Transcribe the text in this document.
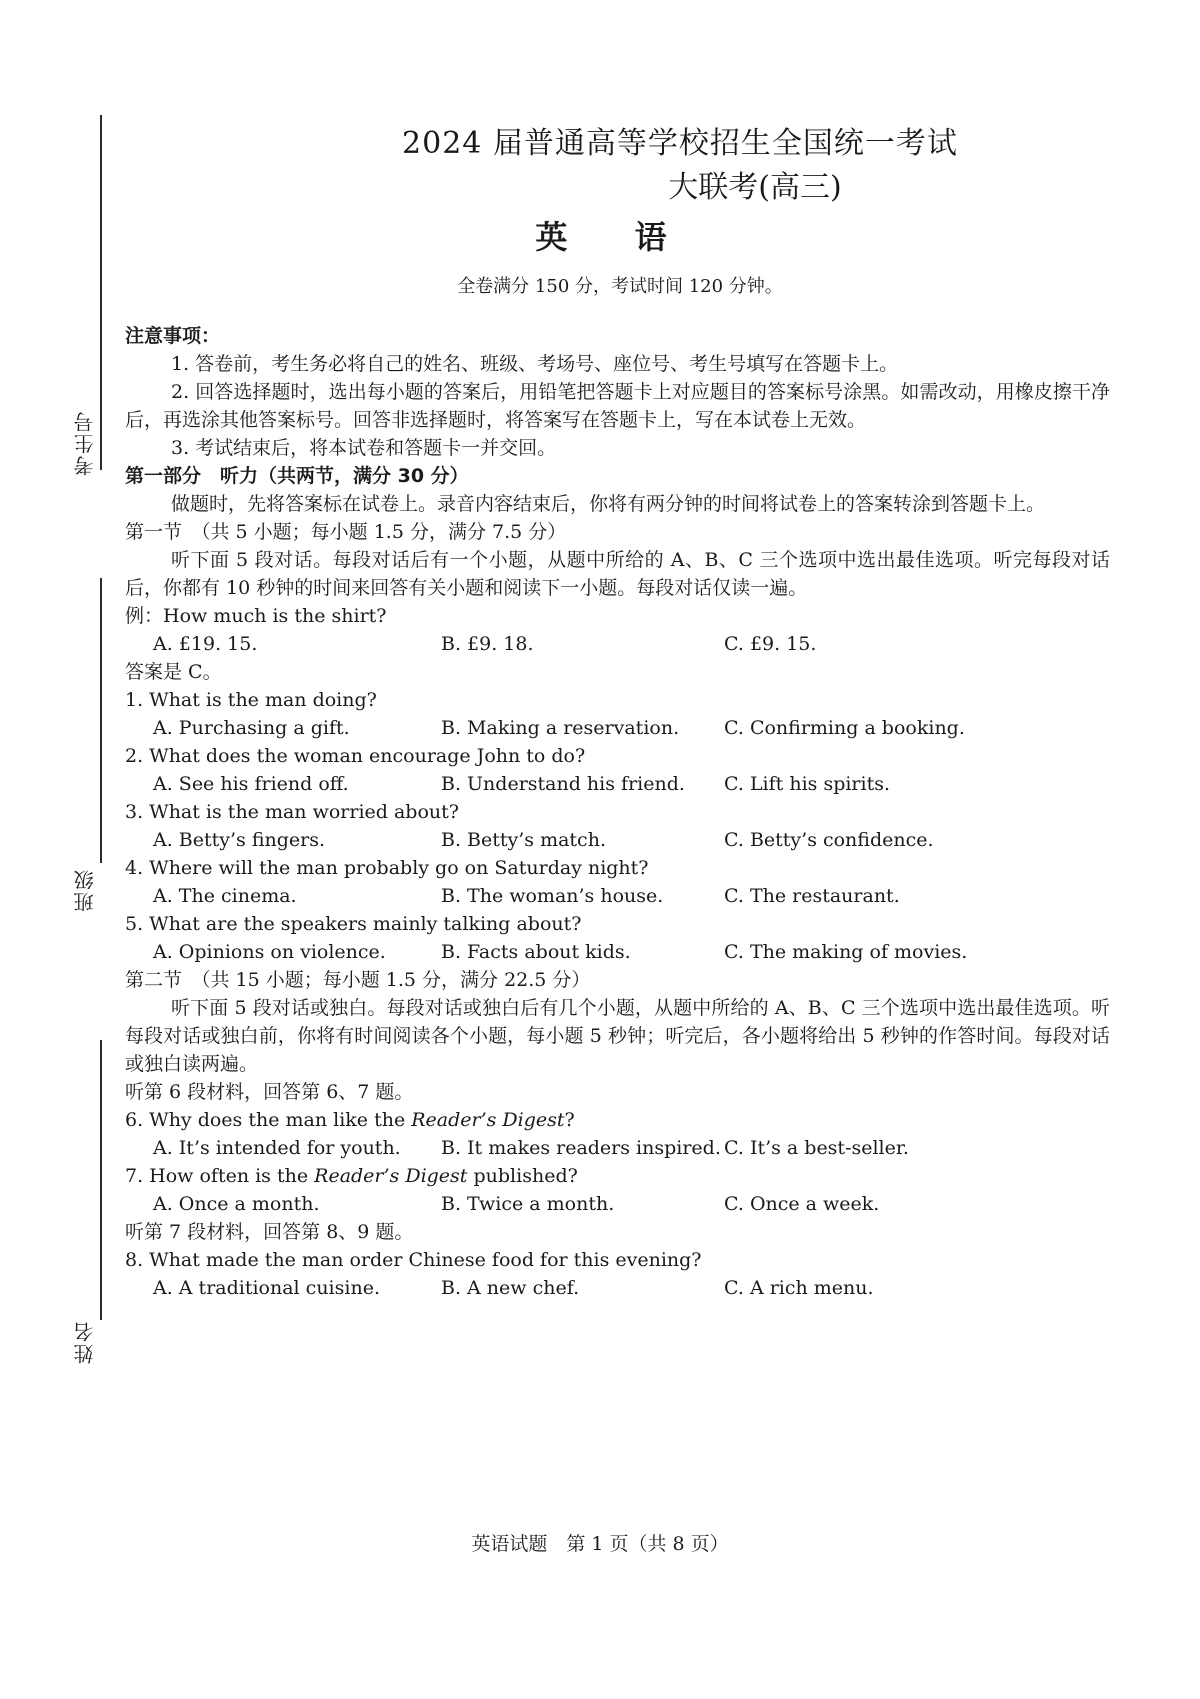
考生号
班级
姓名
2024 届普通高等学校招生全国统一考试
大联考(高三)
英 语
全卷满分 150 分，考试时间 120 分钟。
注意事项：
1. 答卷前，考生务必将自己的姓名、班级、考场号、座位号、考生号填写在答题卡上。
2. 回答选择题时，选出每小题的答案后，用铅笔把答题卡上对应题目的答案标号涂黑。如需改动，用橡皮擦干净后，再选涂其他答案标号。回答非选择题时，将答案写在答题卡上，写在本试卷上无效。
3. 考试结束后，将本试卷和答题卡一并交回。
第一部分　听力（共两节，满分 30 分）
做题时，先将答案标在试卷上。录音内容结束后，你将有两分钟的时间将试卷上的答案转涂到答题卡上。
第一节　（共 5 小题；每小题 1.5 分，满分 7.5 分）
听下面 5 段对话。每段对话后有一个小题，从题中所给的 A、B、C 三个选项中选出最佳选项。听完每段对话后，你都有 10 秒钟的时间来回答有关小题和阅读下一小题。每段对话仅读一遍。
例：How much is the shirt?
A. £19. 15.	B. £9. 18.	C. £9. 15.
答案是 C。
1. What is the man doing?
A. Purchasing a gift.	B. Making a reservation.	C. Confirming a booking.
2. What does the woman encourage John to do?
A. See his friend off.	B. Understand his friend.	C. Lift his spirits.
3. What is the man worried about?
A. Betty’s fingers.	B. Betty’s match.	C. Betty’s confidence.
4. Where will the man probably go on Saturday night?
A. The cinema.	B. The woman’s house.	C. The restaurant.
5. What are the speakers mainly talking about?
A. Opinions on violence.	B. Facts about kids.	C. The making of movies.
第二节　（共 15 小题；每小题 1.5 分，满分 22.5 分）
听下面 5 段对话或独白。每段对话或独白后有几个小题，从题中所给的 A、B、C 三个选项中选出最佳选项。听每段对话或独白前，你将有时间阅读各个小题，每小题 5 秒钟；听完后，各小题将给出 5 秒钟的作答时间。每段对话或独白读两遍。
听第 6 段材料，回答第 6、7 题。
6. Why does the man like the Reader’s Digest?
A. It’s intended for youth.	B. It makes readers inspired. C. It’s a best-seller.
7. How often is the Reader’s Digest published?
A. Once a month.	B. Twice a month.	C. Once a week.
听第 7 段材料，回答第 8、9 题。
8. What made the man order Chinese food for this evening?
A. A traditional cuisine.	B. A new chef.	C. A rich menu.
英语试题　第 1 页（共 8 页）
